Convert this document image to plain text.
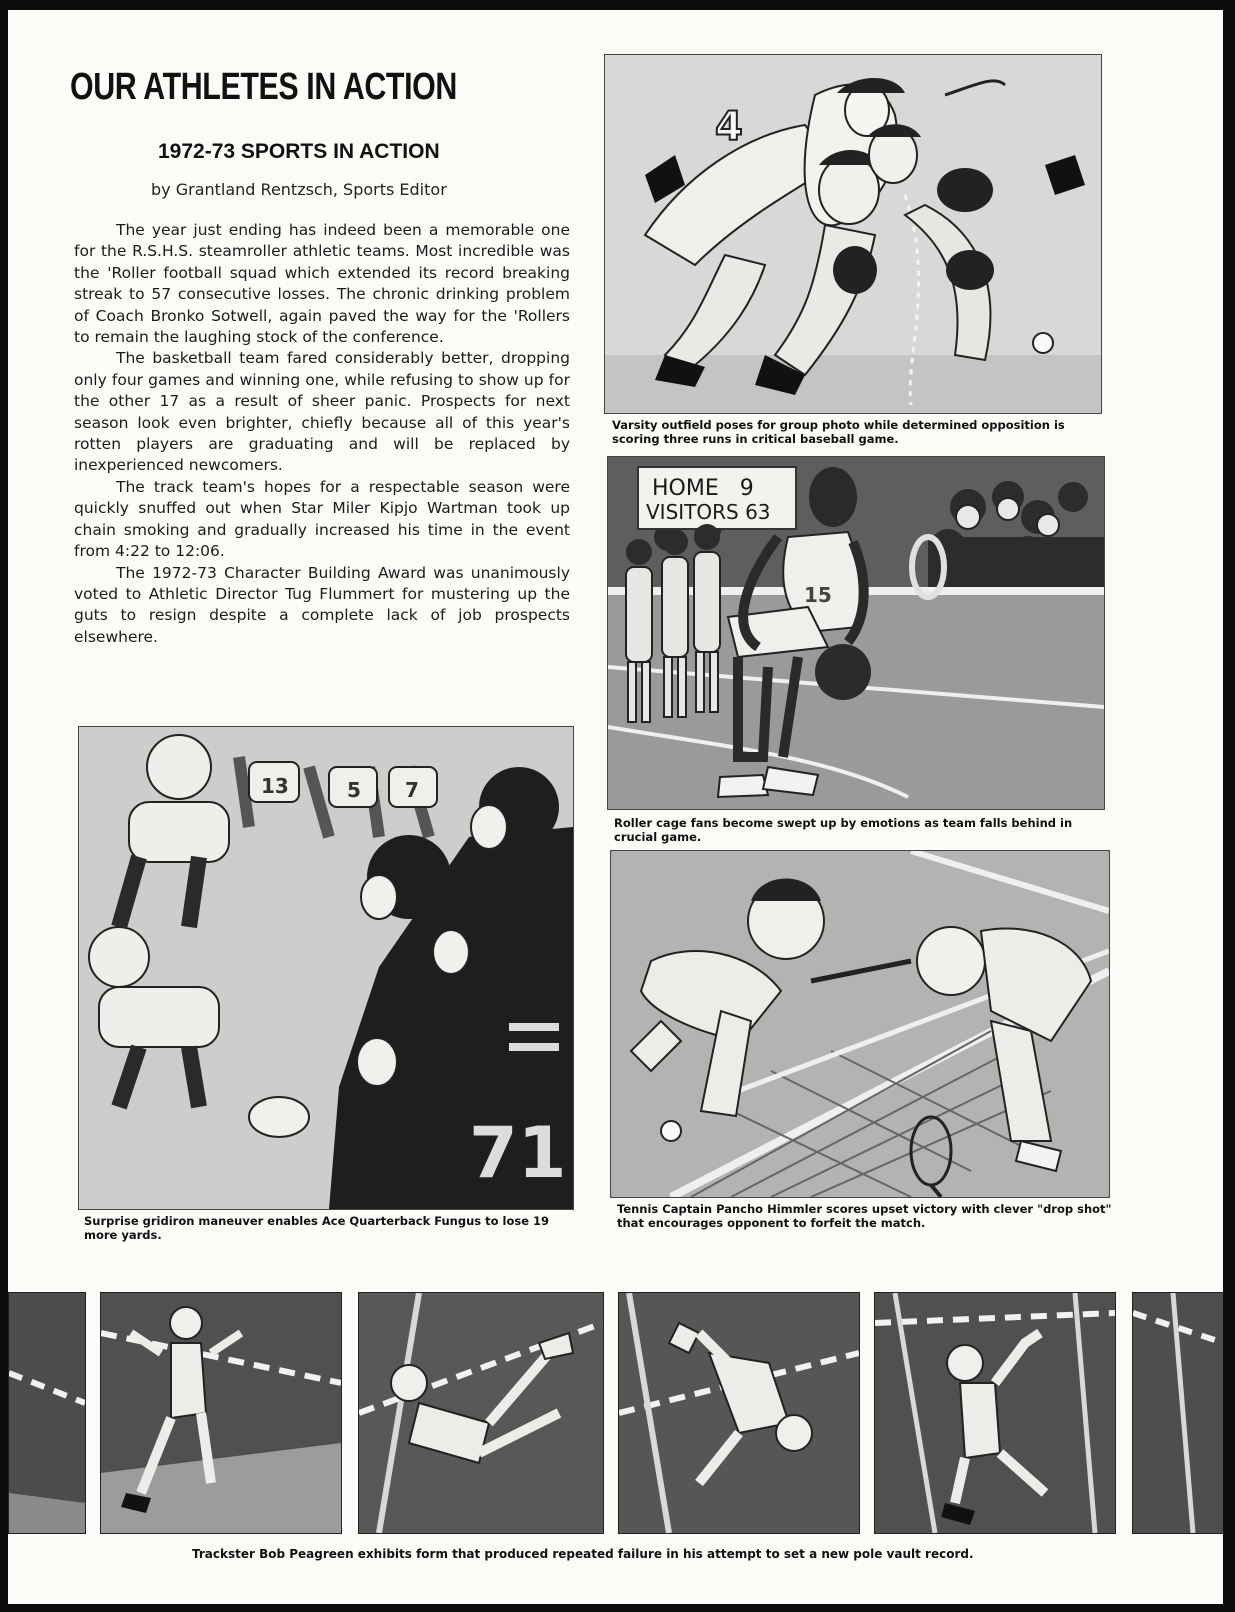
OUR ATHLETES IN ACTION
1972-73 SPORTS IN ACTION
by Grantland Rentzsch, Sports Editor

The year just ending has indeed been a memorable one for the R.S.H.S. steamroller athletic teams. Most incredible was the 'Roller football squad which extended its record breaking streak to 57 consecutive losses. The chronic drinking problem of Coach Bronko Sotwell, again paved the way for the 'Rollers to remain the laughing stock of the conference.

The basketball team fared considerably better, dropping only four games and winning one, while refusing to show up for the other 17 as a result of sheer panic. Prospects for next season look even brighter, chiefly because all of this year's rotten players are graduating and will be replaced by inexperienced newcomers.

The track team's hopes for a respectable season were quickly snuffed out when Star Miler Kipjo Wartman took up chain smoking and gradually increased his time in the event from 4:22 to 12:06.

The 1972-73 Character Building Award was unanimously voted to Athletic Director Tug Flummert for mustering up the guts to resign despite a complete lack of job prospects elsewhere.

4
Varsity outfield poses for group photo while determined opposition is scoring three runs in critical baseball game.
HOME   9
VISITORS 63
15
Roller cage fans become swept up by emotions as team falls behind in crucial game.
13	5 7
71
Surprise gridiron maneuver enables Ace Quarterback Fungus to lose 19 more yards.
Tennis Captain Pancho Himmler scores upset victory with clever "drop shot" that encourages opponent to forfeit the match.
Trackster Bob Peagreen exhibits form that produced repeated failure in his attempt to set a new pole vault record.
